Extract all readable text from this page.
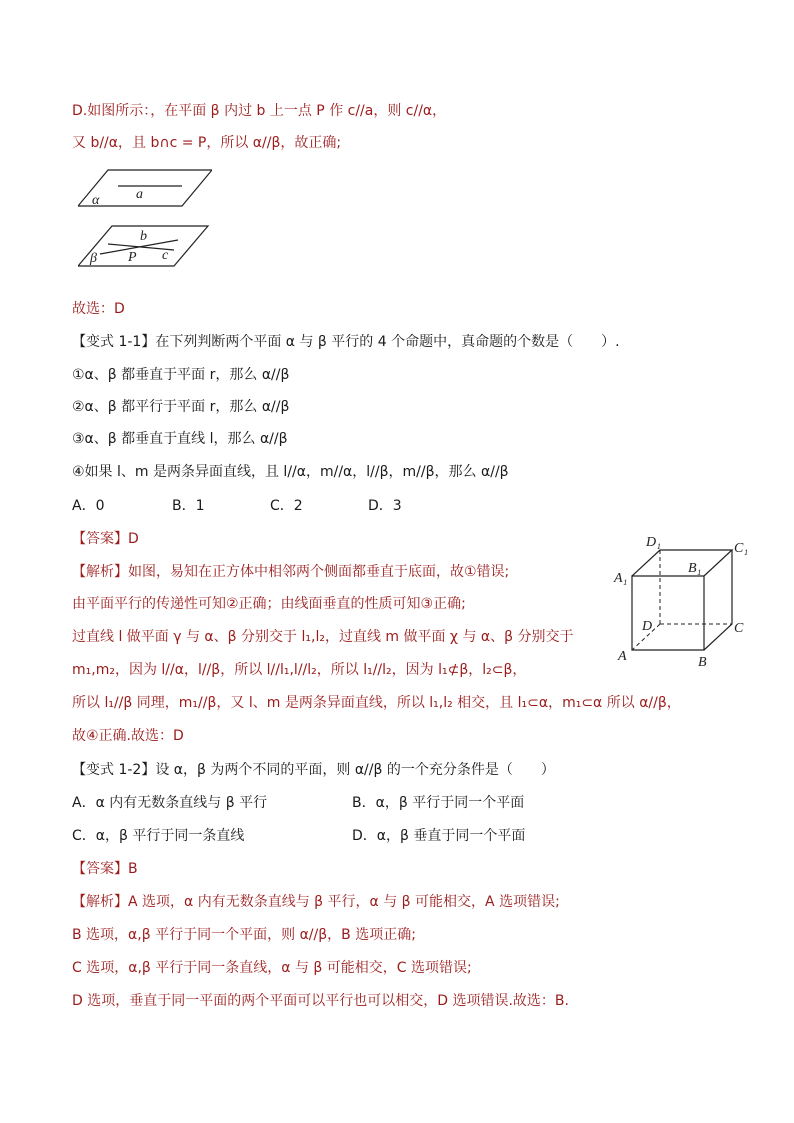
D.如图所示：，在平面 β 内过 b 上一点 P 作 c//a，则 c//α，
又 b//α，且 b∩c = P，所以 α//β，故正确;
α	a
β
b
P c
故选：D
【变式 1-1】在下列判断两个平面 α 与 β 平行的 4 个命题中，真命题的个数是（　　）.
①α、β 都垂直于平面 r，那么 α//β
②α、β 都平行于平面 r，那么 α//β
③α、β 都垂直于直线 l，那么 α//β
④如果 l、m 是两条异面直线，且 l//α，m//α，l//β，m//β，那么 α//β
A．0	B．1	C．2	D．3
【答案】D
【解析】如图，易知在正方体中相邻两个侧面都垂直于底面，故①错误;
由平面平行的传递性可知②正确；由线面垂直的性质可知③正确;
过直线 l 做平面 γ 与 α、β 分别交于 l₁,l₂，过直线 m 做平面 χ 与 α、β 分别交于
m₁,m₂，因为 l//α，l//β，所以 l//l₁,l//l₂，所以 l₁//l₂，因为 l₁⊄β，l₂⊂β，
所以 l₁//β 同理，m₁//β，又 l、m 是两条异面直线，所以 l₁,l₂ 相交，且 l₁⊂α，m₁⊂α 所以 α//β，
故④正确.故选：D
D₁	C₁
A₁
B₁
D	C
A	B
【变式 1-2】设 α，β 为两个不同的平面，则 α//β 的一个充分条件是（　　）
A．α 内有无数条直线与 β 平行	B．α，β 平行于同一个平面
C．α，β 平行于同一条直线	D．α，β 垂直于同一个平面
【答案】B
【解析】A 选项，α 内有无数条直线与 β 平行，α 与 β 可能相交，A 选项错误;
B 选项，α,β 平行于同一个平面，则 α//β，B 选项正确;
C 选项，α,β 平行于同一条直线，α 与 β 可能相交，C 选项错误;
D 选项，垂直于同一平面的两个平面可以平行也可以相交，D 选项错误.故选：B.
